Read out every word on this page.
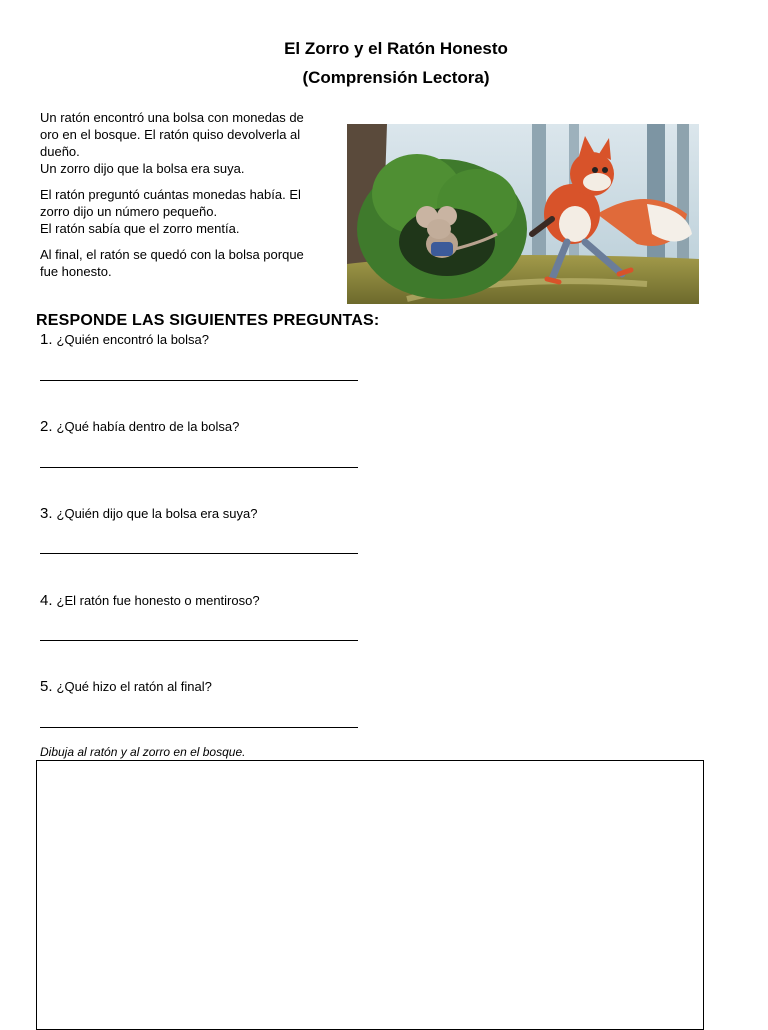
El Zorro y el Ratón Honesto
(Comprensión Lectora)

Un ratón encontró una bolsa con monedas de
oro en el bosque. El ratón quiso devolverla al
dueño.
Un zorro dijo que la bolsa era suya.

El ratón preguntó cuántas monedas había. El
zorro dijo un número pequeño.
El ratón sabía que el zorro mentía.

Al final, el ratón se quedó con la bolsa porque
fue honesto.

RESPONDE LAS SIGUIENTES PREGUNTAS:
1. ¿Quién encontró la bolsa?
2. ¿Qué había dentro de la bolsa?
3. ¿Quién dijo que la bolsa era suya?
4. ¿El ratón fue honesto o mentiroso?
5. ¿Qué hizo el ratón al final?
Dibuja al ratón y al zorro en el bosque.
